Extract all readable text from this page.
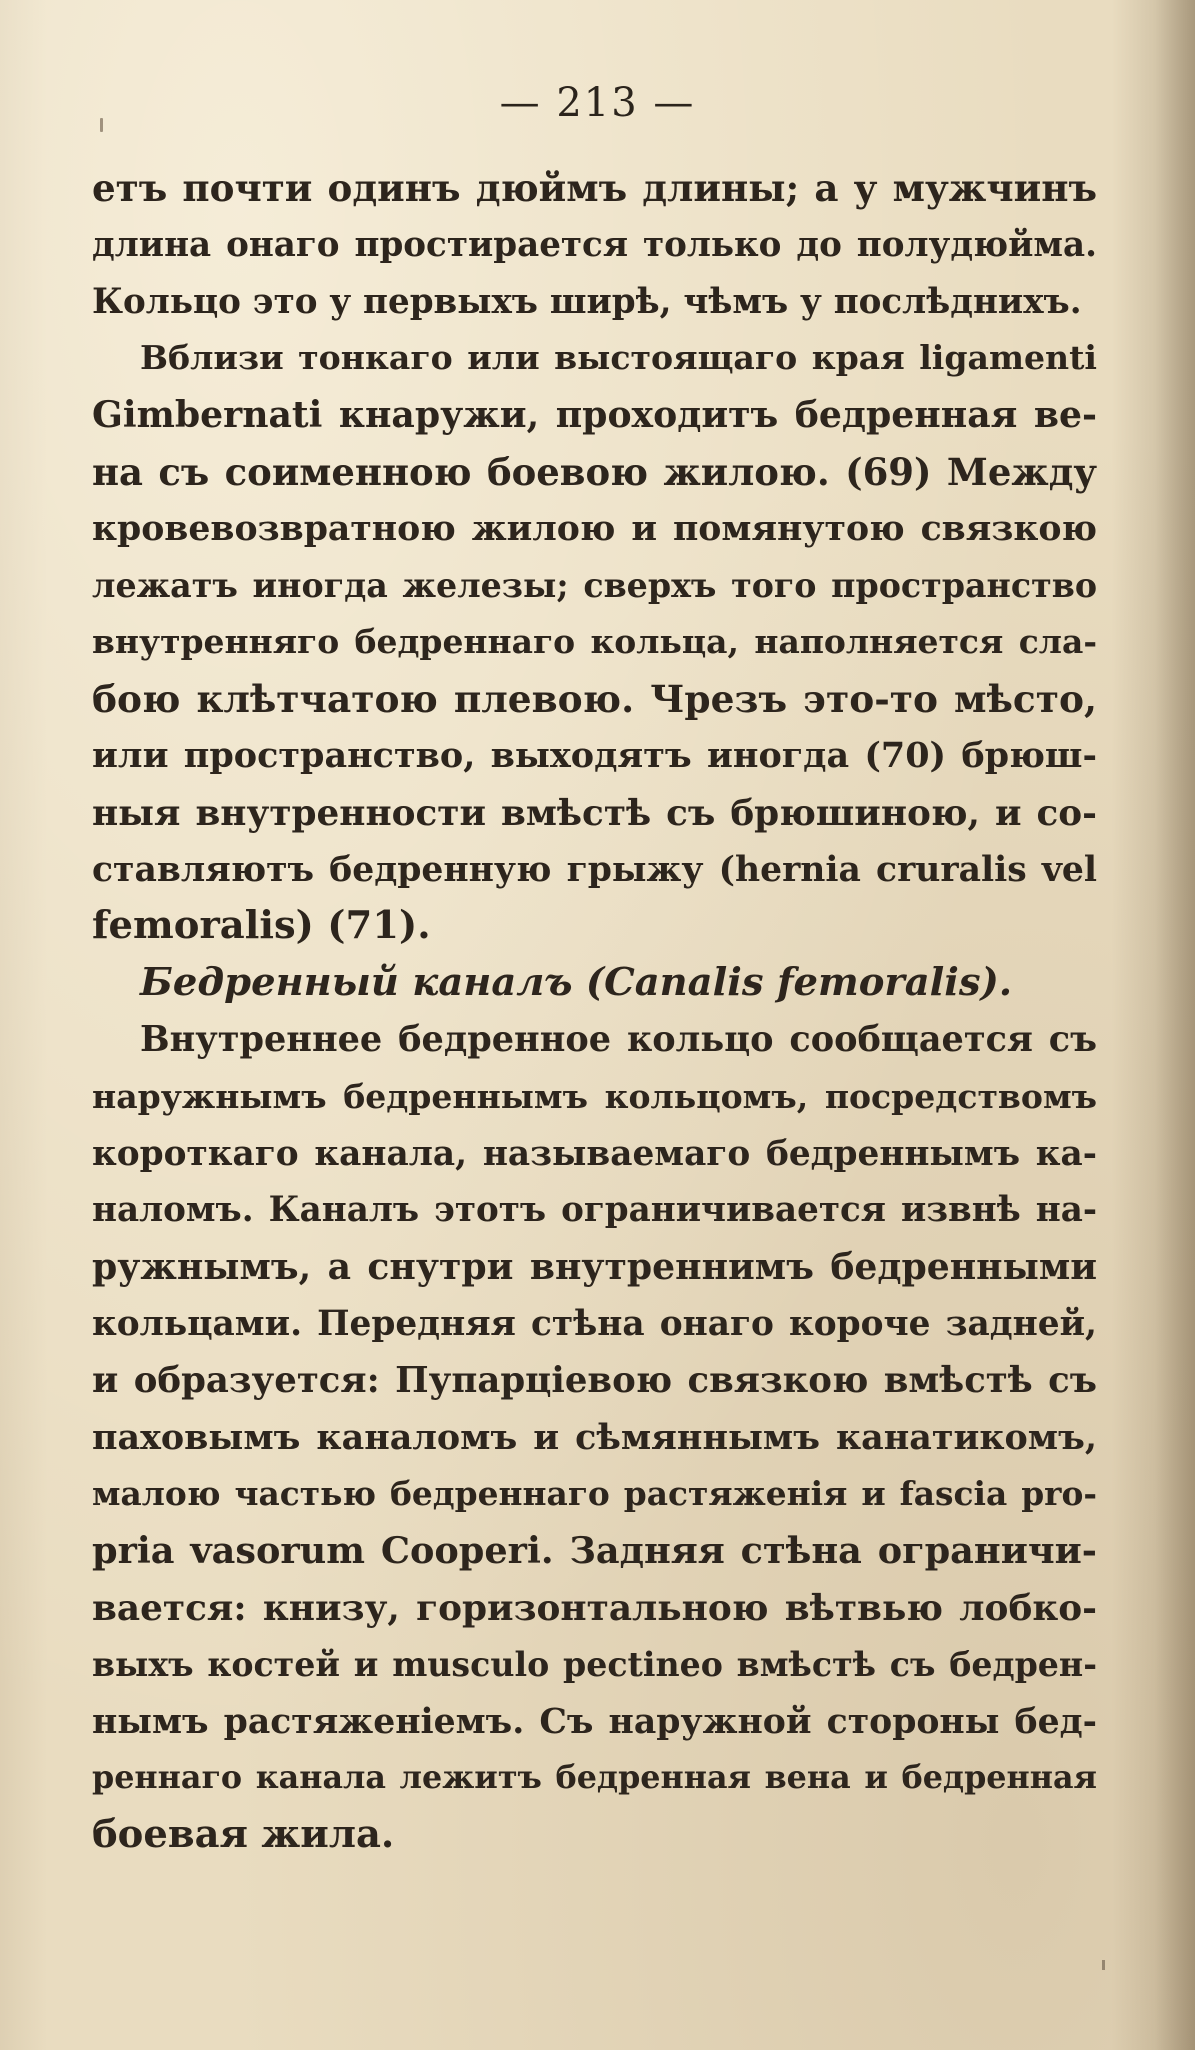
— 213 —
етъ почти одинъ дюймъ длины; а у мужчинъ
длина онаго простирается только до полудюйма.
Кольцо это у первыхъ ширѣ, чѣмъ у послѣднихъ.
Вблизи тонкаго или выстоящаго края ligamenti
Gimbernati кнаружи, проходитъ бедренная ве-
на съ соименною боевою жилою. (69) Между
кровевозвратною жилою и помянутою связкою
лежатъ иногда железы; сверхъ того пространство
внутренняго бедреннаго кольца, наполняется сла-
бою клѣтчатою плевою. Чрезъ это-то мѣсто,
или пространство, выходятъ иногда (70) брюш-
ныя внутренности вмѣстѣ съ брюшиною, и со-
ставляютъ бедренную грыжу (hernia cruralis vel
femoralis) (71).
Бедренный каналъ (Canalis femoralis).
Внутреннее бедренное кольцо сообщается съ
наружнымъ бедреннымъ кольцомъ, посредствомъ
короткаго канала, называемаго бедреннымъ ка-
наломъ. Каналъ этотъ ограничивается извнѣ на-
ружнымъ, а снутри внутреннимъ бедренными
кольцами. Передняя стѣна онаго короче задней,
и образуется: Пупарціевою связкою вмѣстѣ съ
паховымъ каналомъ и сѣмяннымъ канатикомъ,
малою частью бедреннаго растяженія и fascia pro-
pria vasorum Cooperi. Задняя стѣна ограничи-
вается: книзу, горизонтальною вѣтвью лобко-
выхъ костей и musculo pectineo вмѣстѣ съ бедрен-
нымъ растяженіемъ. Съ наружной стороны бед-
реннаго канала лежитъ бедренная вена и бедренная
боевая жила.
